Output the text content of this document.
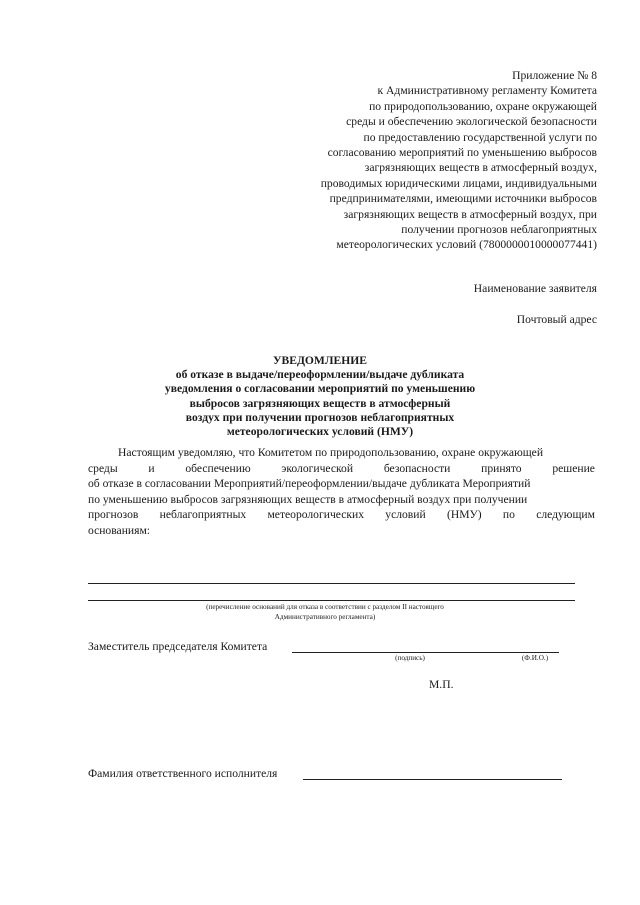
Приложение № 8
к Административному регламенту Комитета
по природопользованию, охране окружающей
среды и обеспечению экологической безопасности
по предоставлению государственной услуги по
согласованию мероприятий по уменьшению выбросов
загрязняющих веществ в атмосферный воздух,
проводимых юридическими лицами, индивидуальными
предпринимателями, имеющими источники выбросов
загрязняющих веществ в атмосферный воздух, при
получении прогнозов неблагоприятных
метеорологических условий (7800000010000077441)
Наименование заявителя
Почтовый адрес
УВЕДОМЛЕНИЕ
об отказе в выдаче/переоформлении/выдаче дубликата
уведомления о согласовании мероприятий по уменьшению
выбросов загрязняющих веществ в атмосферный
воздух при получении прогнозов неблагоприятных
метеорологических условий (НМУ)
Настоящим уведомляю, что Комитетом по природопользованию, охране окружающей
среды	и	обеспечению	экологической	безопасности	принято	решение
об отказе в согласовании Мероприятий/переоформлении/выдаче дубликата Мероприятий
по уменьшению выбросов загрязняющих веществ в атмосферный воздух при получении
прогнозов неблагоприятных метеорологических условий (НМУ) по следующим
основаниям:
(перечисление оснований для отказа в соответствии с разделом II настоящего
Административного регламента)
Заместитель председателя Комитета
(подпись)	(Ф.И.О.)
М.П.
Фамилия ответственного исполнителя
